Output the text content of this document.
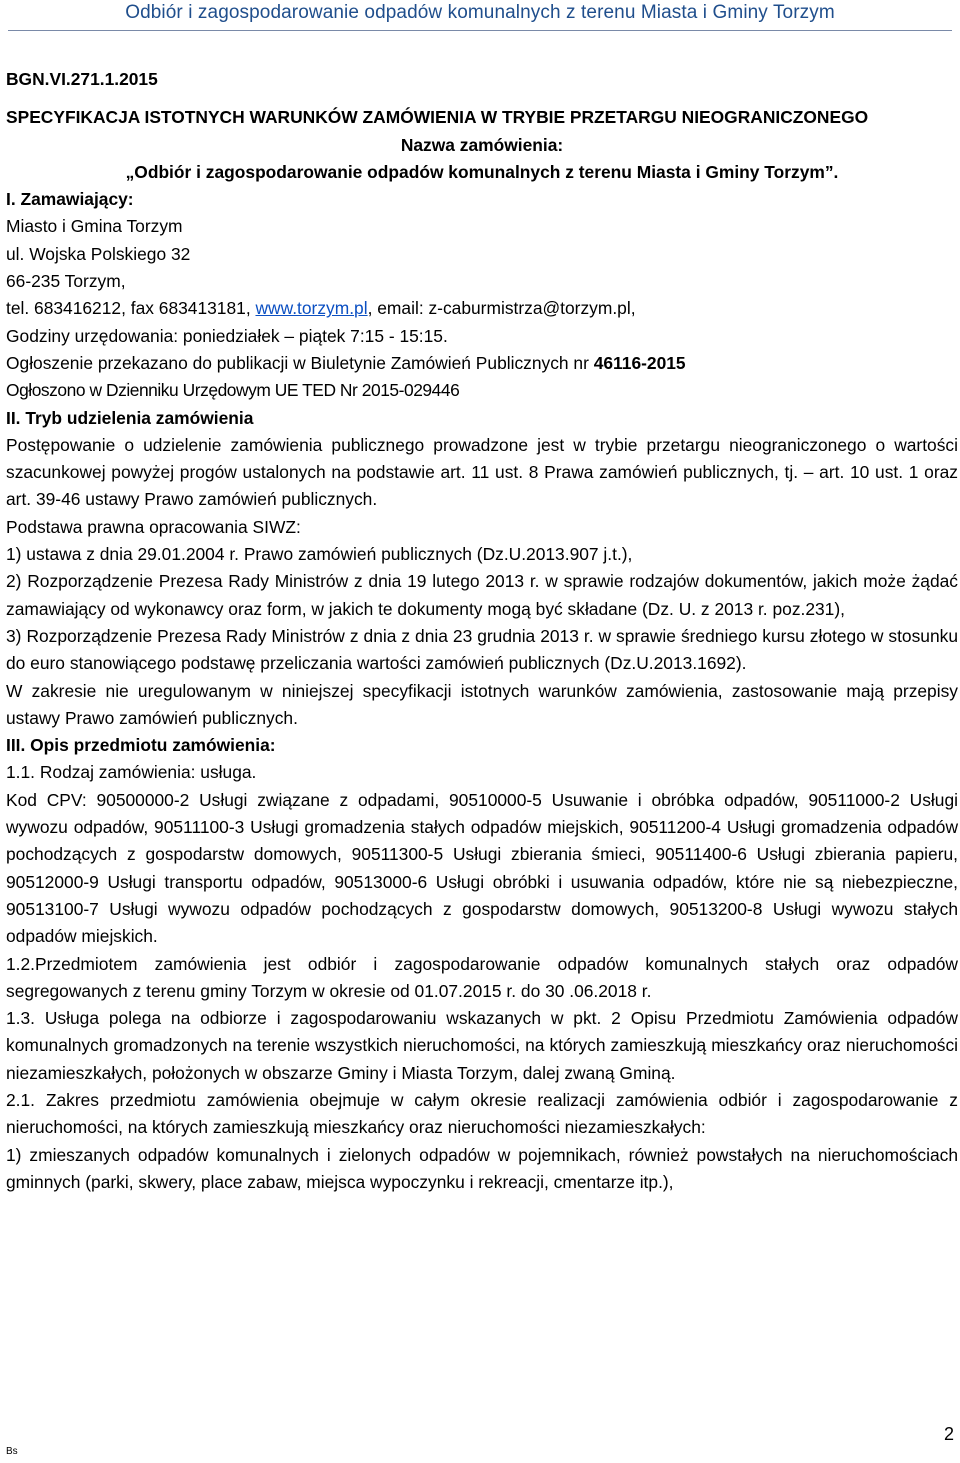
Odbiór i zagospodarowanie odpadów komunalnych z terenu Miasta i Gminy Torzym

BGN.VI.271.1.2015

SPECYFIKACJA ISTOTNYCH WARUNKÓW ZAMÓWIENIA W TRYBIE PRZETARGU NIEOGRANICZONEGO

Nazwa zamówienia:

„Odbiór i zagospodarowanie odpadów komunalnych z terenu Miasta i Gminy Torzym”.

I. Zamawiający:

Miasto i Gmina Torzym

ul. Wojska Polskiego 32

66-235 Torzym,

tel. 683416212, fax 683413181, www.torzym.pl, email: z-caburmistrza@torzym.pl,

Godziny urzędowania: poniedziałek – piątek 7:15 - 15:15.

Ogłoszenie przekazano do publikacji w Biuletynie Zamówień Publicznych nr 46116-2015

Ogłoszono w Dzienniku Urzędowym UE TED Nr 2015-029446

II. Tryb udzielenia zamówienia

Postępowanie o udzielenie zamówienia publicznego prowadzone jest w trybie przetargu nieograniczonego o wartości szacunkowej powyżej progów ustalonych na podstawie art. 11 ust. 8 Prawa zamówień publicznych, tj. – art. 10 ust. 1 oraz art. 39-46 ustawy Prawo zamówień publicznych.

Podstawa prawna opracowania SIWZ:

1) ustawa z dnia 29.01.2004 r. Prawo zamówień publicznych (Dz.U.2013.907 j.t.),

2) Rozporządzenie Prezesa Rady Ministrów z dnia 19 lutego 2013 r. w sprawie rodzajów dokumentów, jakich może żądać zamawiający od wykonawcy oraz form, w jakich te dokumenty mogą być składane (Dz. U. z 2013 r. poz.231),

3) Rozporządzenie Prezesa Rady Ministrów z dnia z dnia 23 grudnia 2013 r. w sprawie średniego kursu złotego w stosunku do euro stanowiącego podstawę przeliczania wartości zamówień publicznych (Dz.U.2013.1692).

W zakresie nie uregulowanym w niniejszej specyfikacji istotnych warunków zamówienia, zastosowanie mają przepisy ustawy Prawo zamówień publicznych.

III. Opis przedmiotu zamówienia:

1.1. Rodzaj zamówienia: usługa.

Kod CPV: 90500000-2 Usługi związane z odpadami, 90510000-5 Usuwanie i obróbka odpadów, 90511000-2 Usługi wywozu odpadów, 90511100-3 Usługi gromadzenia stałych odpadów miejskich, 90511200-4 Usługi gromadzenia odpadów pochodzących z gospodarstw domowych, 90511300-5 Usługi zbierania śmieci, 90511400-6 Usługi zbierania papieru, 90512000-9 Usługi transportu odpadów, 90513000-6 Usługi obróbki i usuwania odpadów, które nie są niebezpieczne, 90513100-7 Usługi wywozu odpadów pochodzących z gospodarstw domowych, 90513200-8 Usługi wywozu stałych odpadów miejskich.

1.2.Przedmiotem zamówienia jest odbiór i zagospodarowanie odpadów komunalnych stałych oraz odpadów segregowanych z terenu gminy Torzym w okresie od 01.07.2015 r. do 30 .06.2018 r.

1.3. Usługa polega na odbiorze i zagospodarowaniu wskazanych w pkt. 2 Opisu Przedmiotu Zamówienia odpadów komunalnych gromadzonych na terenie wszystkich nieruchomości, na których zamieszkują mieszkańcy oraz nieruchomości niezamieszkałych, położonych w obszarze Gminy i Miasta Torzym, dalej zwaną Gminą.

2.1. Zakres przedmiotu zamówienia obejmuje w całym okresie realizacji zamówienia odbiór i zagospodarowanie z nieruchomości, na których zamieszkują mieszkańcy oraz nieruchomości niezamieszkałych:

1) zmieszanych odpadów komunalnych i zielonych odpadów w pojemnikach, również powstałych na nieruchomościach gminnych (parki, skwery, place zabaw, miejsca wypoczynku i rekreacji, cmentarze itp.),

2
Bs
